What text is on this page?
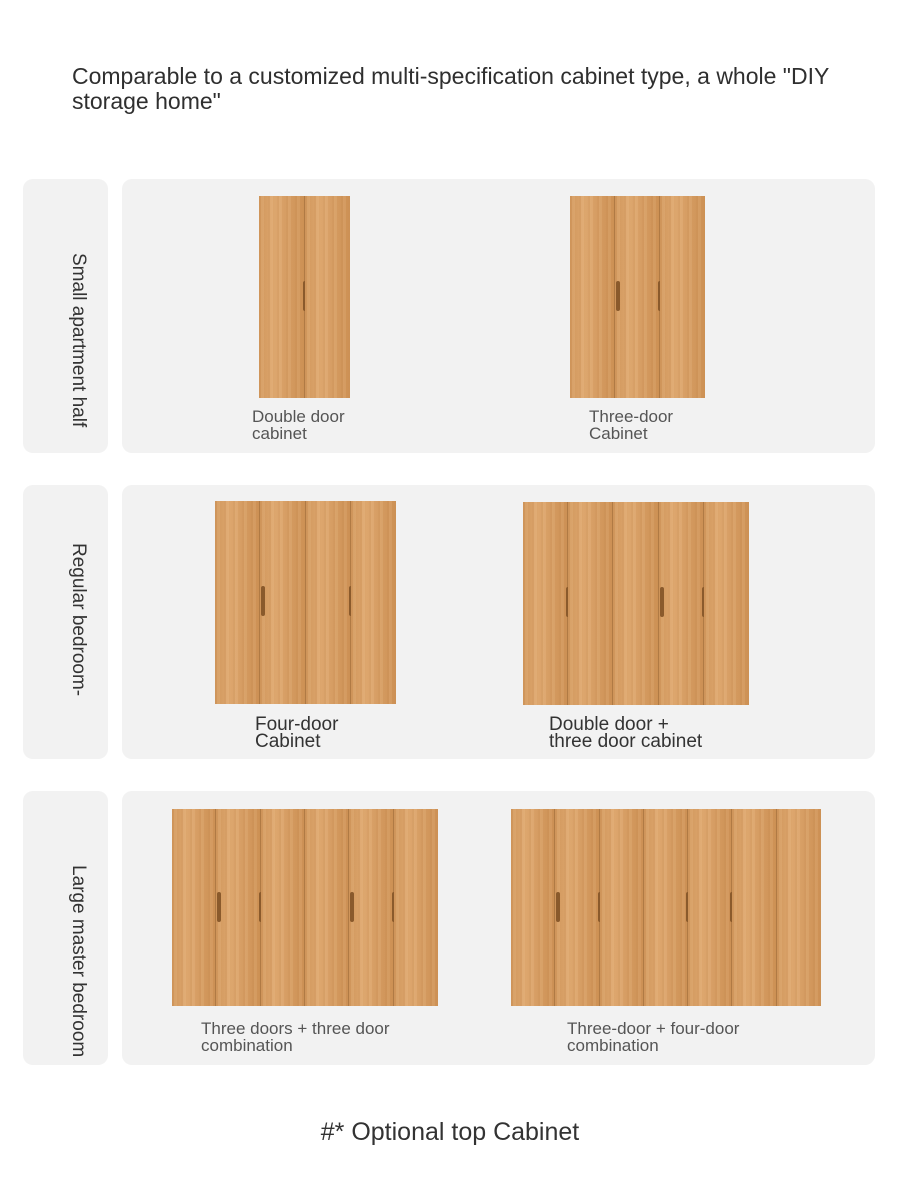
Comparable to a customized multi-specification cabinet type, a whole "DIY storage home"
Small apartment half	Double door
cabinet
Three-door
Cabinet
Regular bedroom-
Four-door
Cabinet
Double door +
three door cabinet
Large master bedroom	Three doors + three door
combination
Three-door + four-door
combination
#* Optional top Cabinet
